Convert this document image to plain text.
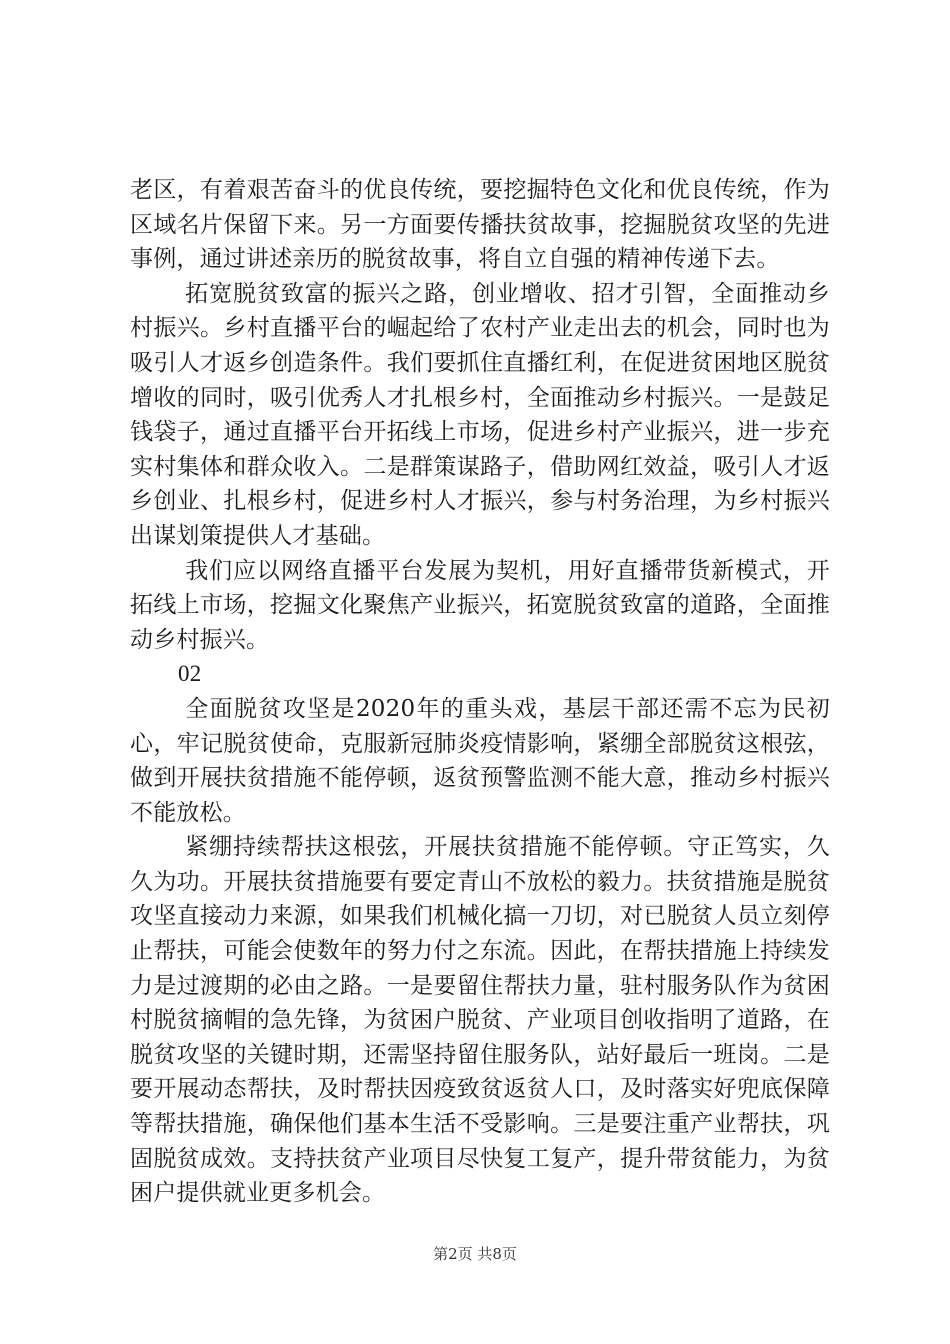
老区，有着艰苦奋斗的优良传统，要挖掘特色文化和优良传统，作为区域名片保留下来。另一方面要传播扶贫故事，挖掘脱贫攻坚的先进事例，通过讲述亲历的脱贫故事，将自立自强的精神传递下去。

拓宽脱贫致富的振兴之路，创业增收、招才引智，全面推动乡村振兴。乡村直播平台的崛起给了农村产业走出去的机会，同时也为吸引人才返乡创造条件。我们要抓住直播红利，在促进贫困地区脱贫增收的同时，吸引优秀人才扎根乡村，全面推动乡村振兴。一是鼓足钱袋子，通过直播平台开拓线上市场，促进乡村产业振兴，进一步充实村集体和群众收入。二是群策谋路子，借助网红效益，吸引人才返乡创业、扎根乡村，促进乡村人才振兴，参与村务治理，为乡村振兴出谋划策提供人才基础。

我们应以网络直播平台发展为契机，用好直播带货新模式，开拓线上市场，挖掘文化聚焦产业振兴，拓宽脱贫致富的道路，全面推动乡村振兴。

02

全面脱贫攻坚是2020年的重头戏，基层干部还需不忘为民初心，牢记脱贫使命，克服新冠肺炎疫情影响，紧绷全部脱贫这根弦，做到开展扶贫措施不能停顿，返贫预警监测不能大意，推动乡村振兴不能放松。

紧绷持续帮扶这根弦，开展扶贫措施不能停顿。守正笃实，久久为功。开展扶贫措施要有要定青山不放松的毅力。扶贫措施是脱贫攻坚直接动力来源，如果我们机械化搞一刀切，对已脱贫人员立刻停止帮扶，可能会使数年的努力付之东流。因此，在帮扶措施上持续发力是过渡期的必由之路。一是要留住帮扶力量，驻村服务队作为贫困村脱贫摘帽的急先锋，为贫困户脱贫、产业项目创收指明了道路，在脱贫攻坚的关键时期，还需坚持留住服务队，站好最后一班岗。二是要开展动态帮扶，及时帮扶因疫致贫返贫人口，及时落实好兜底保障等帮扶措施，确保他们基本生活不受影响。三是要注重产业帮扶，巩固脱贫成效。支持扶贫产业项目尽快复工复产，提升带贫能力，为贫困户提供就业更多机会。

第2页 共8页
